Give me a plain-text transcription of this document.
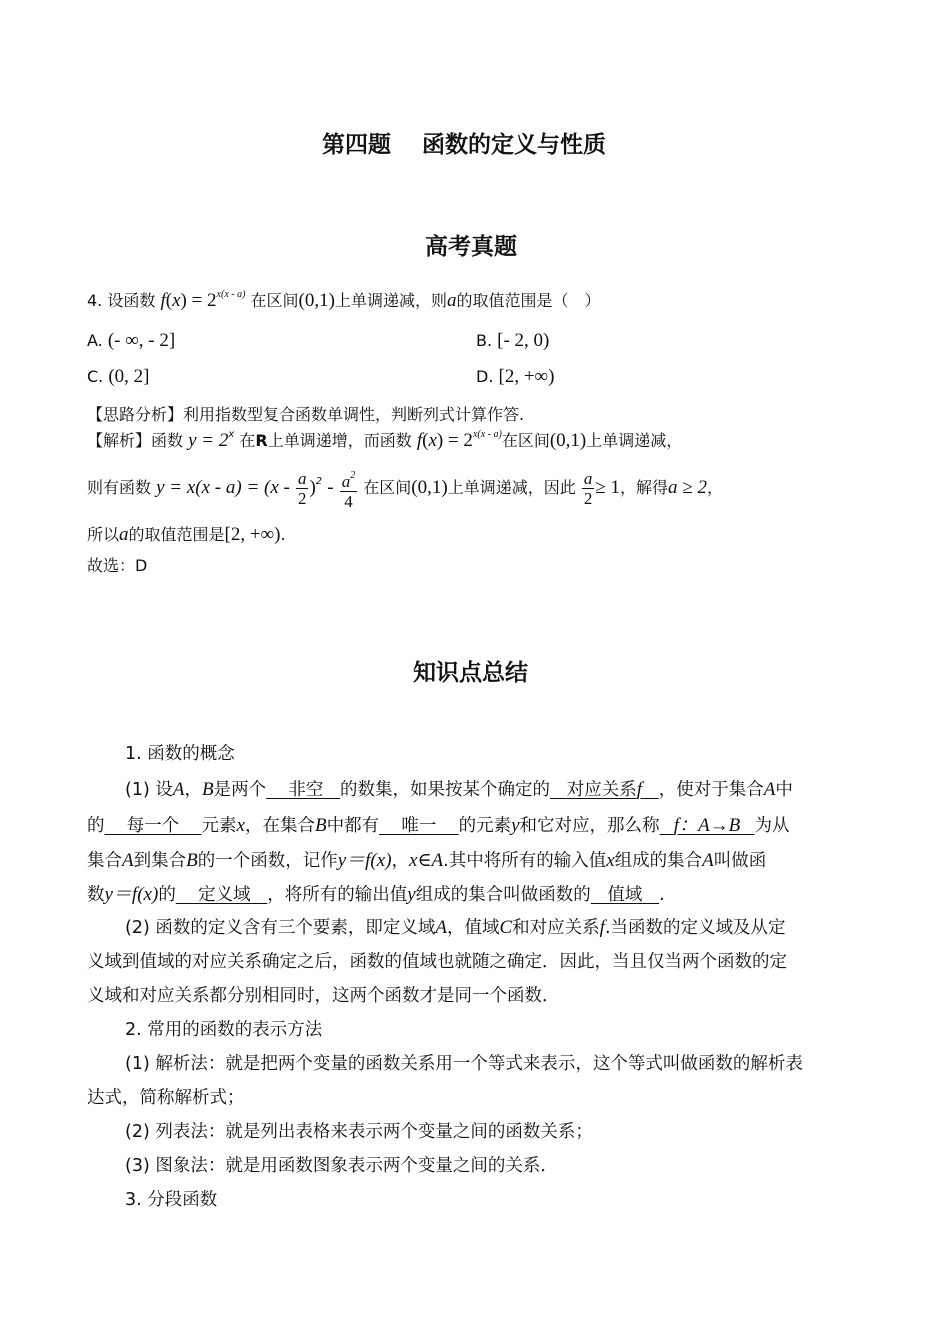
第四题　 函数的定义与性质
高考真题
4. 设函数 $f(x) = 2^{x(x - a)}$ 在区间(0,1)上单调递减，则a的取值范围是（　）
A. (- ∞, - 2]	B. [- 2, 0)
C. (0, 2]	D. [2, +∞)
【思路分析】利用指数型复合函数单调性，判断列式计算作答.
【解析】函数 $y = 2^x$ 在R上单调递增，而函数 $f(x) = 2^{x(x - a)}$在区间(0,1)上单调递减，
则有函数 $y = x(x - a) = (x - \frac{a}{2} )^2 - \frac{a^2}{4}$ 在区间(0,1)上单调递减，因此 $\frac{a}{2} \ge 1$，解得a ≥ 2，
所以a的取值范围是[2, +∞).
故选：D
知识点总结
1. 函数的概念
(1) 设A，B是两个 非空 的数集，如果按某个确定的 对应关系f ，使对于集合A中
的 每一个 元素x，在集合B中都有 唯一 的元素y和它对应，那么称 f：A→B 为从
集合A到集合B的一个函数，记作y＝f(x)，x∈A.其中将所有的输入值x组成的集合A叫做函
数y＝f(x)的 定义域 ，将所有的输出值y组成的集合叫做函数的 值域 .
(2) 函数的定义含有三个要素，即定义域A，值域C和对应关系f.当函数的定义域及从定
义域到值域的对应关系确定之后，函数的值域也就随之确定．因此，当且仅当两个函数的定
义域和对应关系都分别相同时，这两个函数才是同一个函数．
2. 常用的函数的表示方法
(1) 解析法：就是把两个变量的函数关系用一个等式来表示，这个等式叫做函数的解析表
达式，简称解析式；
(2) 列表法：就是列出表格来表示两个变量之间的函数关系；
(3) 图象法：就是用函数图象表示两个变量之间的关系．
3. 分段函数
